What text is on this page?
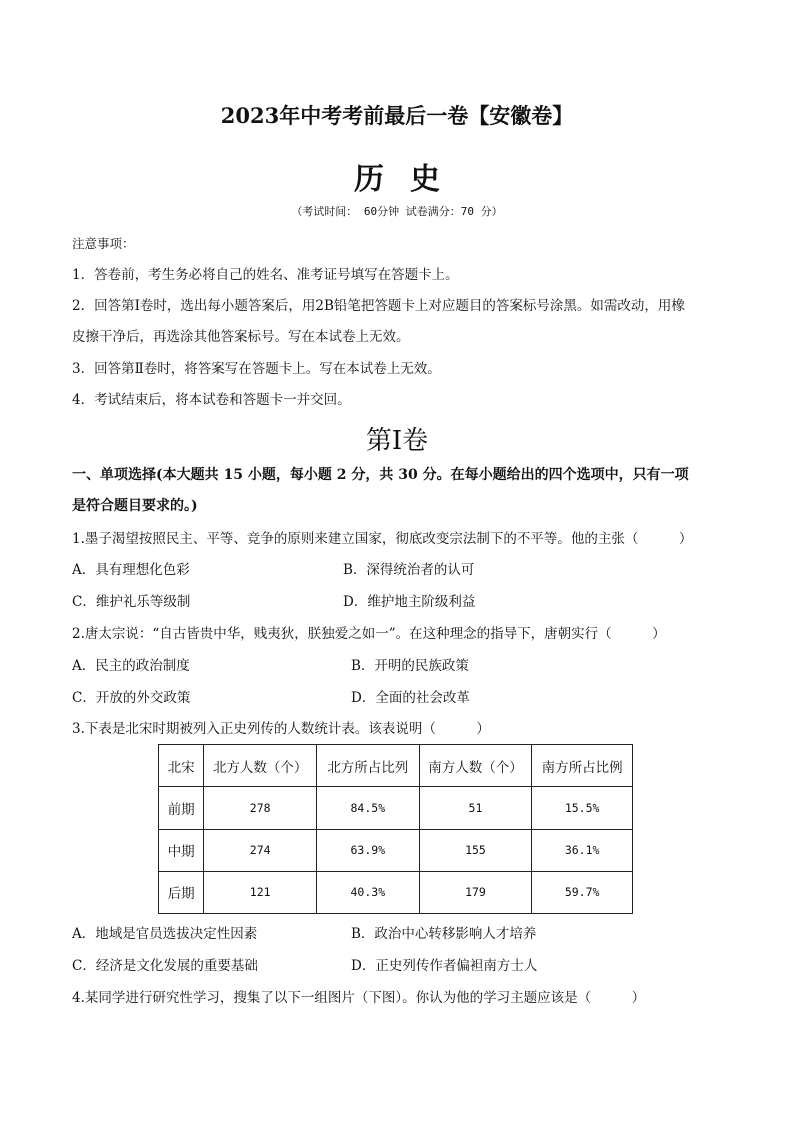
2023年中考考前最后一卷【安徽卷】
历史
（考试时间： 60分钟 试卷满分：70 分）
注意事项：
1．答卷前，考生务必将自己的姓名、准考证号填写在答题卡上。
2．回答第Ⅰ卷时，选出每小题答案后，用2B铅笔把答题卡上对应题目的答案标号涂黑。如需改动，用橡
皮擦干净后，再选涂其他答案标号。写在本试卷上无效。
3．回答第Ⅱ卷时，将答案写在答题卡上。写在本试卷上无效。
4．考试结束后，将本试卷和答题卡一并交回。
第Ⅰ卷
一、单项选择(本大题共 15 小题，每小题 2 分，共 30 分。在每小题给出的四个选项中，只有一项
是符合题目要求的。)
1.墨子渴望按照民主、平等、竞争的原则来建立国家，彻底改变宗法制下的不平等。他的主张（　　　）
A．具有理想化色彩	B．深得统治者的认可
C．维护礼乐等级制	D．维护地主阶级利益
2.唐太宗说：“自古皆贵中华，贱夷狄，朕独爱之如一”。在这种理念的指导下，唐朝实行（　　　）
A．民主的政治制度	B．开明的民族政策
C．开放的外交政策	D．全面的社会改革
3.下表是北宋时期被列入正史列传的人数统计表。该表说明（　　　）
北宋	北方人数（个）	北方所占比列	南方人数（个）	南方所占比例
前期	278	84.5%	51	15.5%
中期	274	63.9%	155	36.1%
后期	121	40.3%	179	59.7%
A．地域是官员选拔决定性因素	B．政治中心转移影响人才培养
C．经济是文化发展的重要基础	D．正史列传作者偏袒南方士人
4.某同学进行研究性学习，搜集了以下一组图片（下图）。你认为他的学习主题应该是（　　　）
